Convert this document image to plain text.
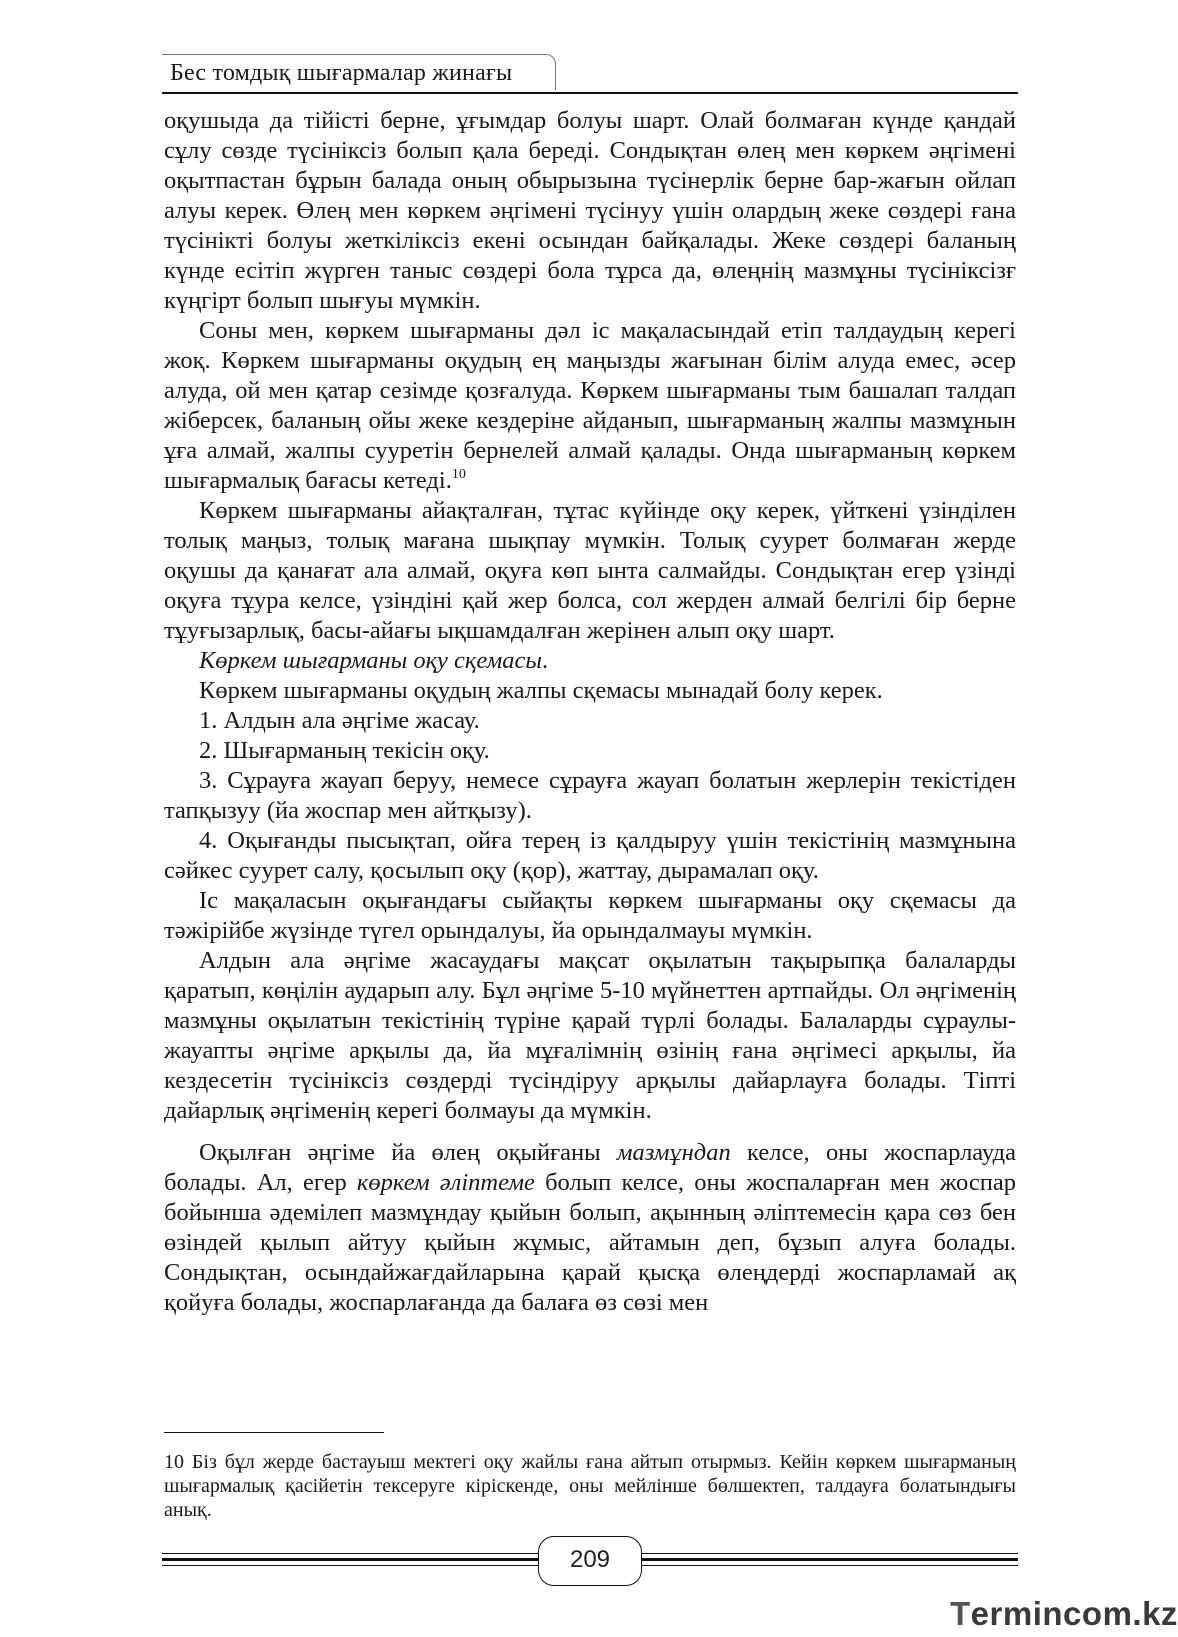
Бес томдық шығармалар жинағы

оқушыда да тійісті берне, ұғымдар болуы шарт. Олай болмаған күнде қандай сұлу сөзде түсініксіз болып қала береді. Сондықтан өлең мен көркем әңгімені оқытпастан бұрын балада оның обырызына түсінерлік берне бар-жағын ойлап алуы керек. Өлең мен көркем әңгімені түсінуу үшін олардың жеке сөздері ғана түсінікті болуы жеткіліксіз екені осындан байқалады. Жеке сөздері баланың күнде есітіп жүрген таныс сөздері бола тұрса да, өлеңнің мазмұны түсініксізғ күңгірт болып шығуы мүмкін.

Соны мен, көркем шығарманы дәл іс мақаласындай етіп талдаудың керегі жоқ. Көркем шығарманы оқудың ең маңызды жағынан білім алуда емес, әсер алуда, ой мен қатар сезімде қозғалуда. Көркем шығарманы тым башалап талдап жіберсек, баланың ойы жеке кездеріне айданып, шығарманың жалпы мазмұнын ұға алмай, жалпы сууретін бернелей алмай қалады. Онда шығарманың көркем шығармалық бағасы кетеді.$^{10}$

Көркем шығарманы айақталған, тұтас күйінде оқу керек, үйткені үзінділен толық маңыз, толық мағана шықпау мүмкін. Толық суурет болмаған жерде оқушы да қанағат ала алмай, оқуға көп ынта салмайды. Сондықтан егер үзінді оқуға тұура келсе, үзіндіні қай жер болса, сол жерден алмай белгілі бір берне тұуғызарлық, басы-айағы ықшамдалған жерінен алып оқу шарт.

Көркем шығарманы оқу сқемасы.

Көркем шығарманы оқудың жалпы сқемасы мынадай болу керек.

1. Алдын ала әңгіме жасау.

2. Шығарманың текісін оқу.

3. Сұрауға жауап беруу, немесе сұрауға жауап болатын жерлерін текістіден тапқызуу (йа жоспар мен айтқызу).

4. Оқығанды пысықтап, ойға терең із қалдыруу үшін текістінің мазмұнына сәйкес суурет салу, қосылып оқу (қор), жаттау, дырамалап оқу.

Іс мақаласын оқығандағы сыйақты көркем шығарманы оқу сқемасы да тәжірійбе жүзінде түгел орындалуы, йа орындалмауы мүмкін.

Алдын ала әңгіме жасаудағы мақсат оқылатын тақырыпқа балаларды қаратып, көңілін аударып алу. Бұл әңгіме 5-10 мүйнеттен артпайды. Ол әңгіменің мазмұны оқылатын текістінің түріне қарай түрлі болады. Балаларды сұраулы-жауапты әңгіме арқылы да, йа мұғалімнің өзінің ғана әңгімесі арқылы, йа кездесетін түсініксіз сөздерді түсіндіруу арқылы дайарлауға болады. Тіпті дайарлық әңгіменің керегі болмауы да мүмкін.

Оқылған әңгіме йа өлең оқыйғаны мазмұндап келсе, оны жоспарлауда болады. Ал, егер көркем әліптеме болып келсе, оны жоспаларған мен жоспар бойынша әдемілеп мазмұндау қыйын болып, ақынның әліптемесін қара сөз бен өзіндей қылып айтуу қыйын жұмыс, айтамын деп, бұзып алуға болады. Сондықтан, осындайжағдайларына қарай қысқа өлеңдерді жоспарламай ақ қойуға болады, жоспарлағанда да балаға өз сөзі мен

10 Біз бұл жерде бастауыш мектегі оқу жайлы ғана айтып отырмыз. Кейін көркем шығарманың шығармалық қасійетін тексеруге кірiскенде, оны мейлінше бөлшектеп, талдауға болатындығы анық.
209
Termincom.kz
